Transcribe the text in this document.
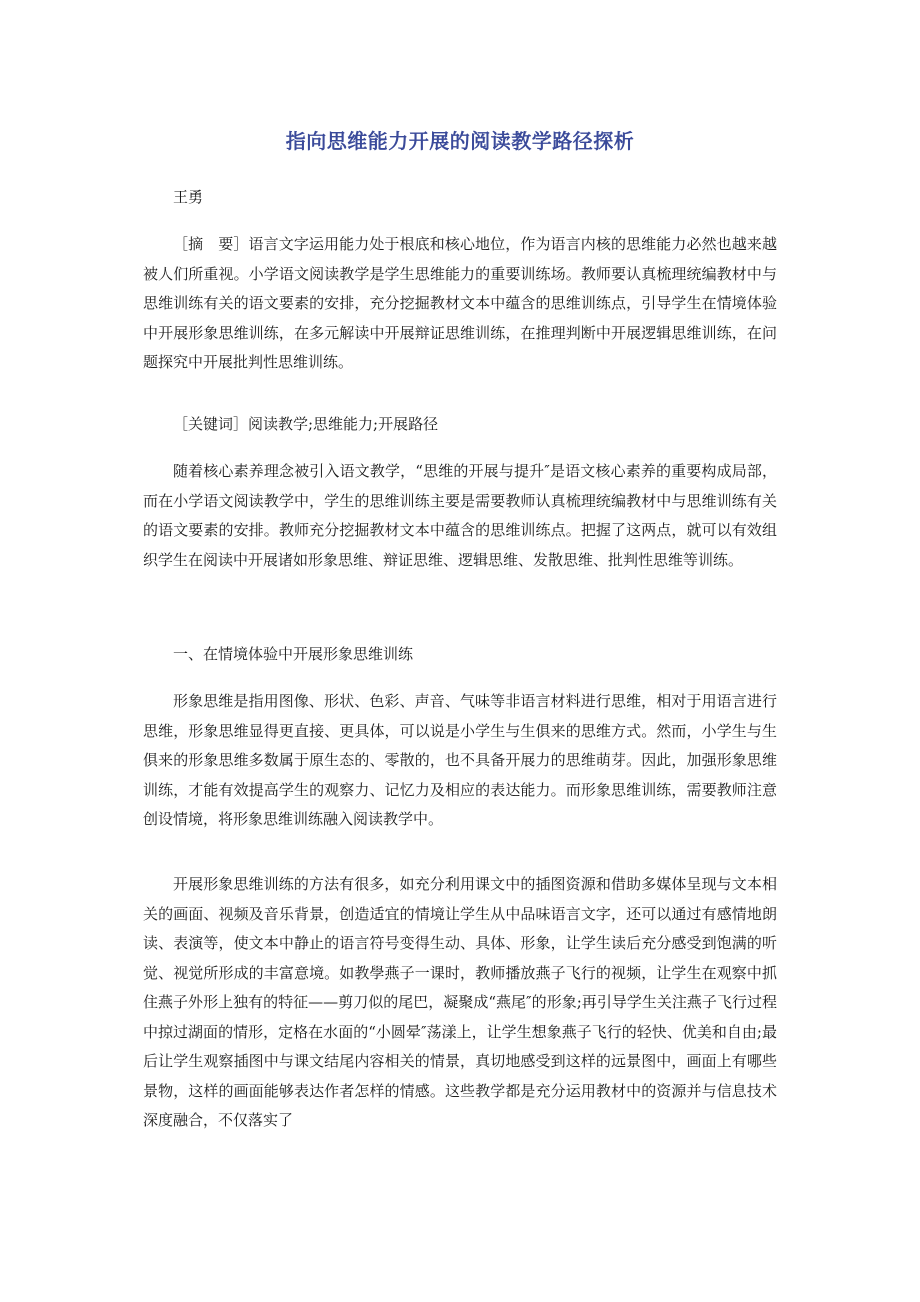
指向思维能力开展的阅读教学路径探析
王勇
［摘　要］语言文字运用能力处于根底和核心地位，作为语言内核的思维能力必然也越来越被人们所重视。小学语文阅读教学是学生思维能力的重要训练场。教师要认真梳理统编教材中与思维训练有关的语文要素的安排，充分挖掘教材文本中蕴含的思维训练点，引导学生在情境体验中开展形象思维训练，在多元解读中开展辩证思维训练，在推理判断中开展逻辑思维训练，在问题探究中开展批判性思维训练。
［关键词］阅读教学;思维能力;开展路径
随着核心素养理念被引入语文教学，“思维的开展与提升″是语文核心素养的重要构成局部，而在小学语文阅读教学中，学生的思维训练主要是需要教师认真梳理统编教材中与思维训练有关的语文要素的安排。教师充分挖掘教材文本中蕴含的思维训练点。把握了这两点，就可以有效组织学生在阅读中开展诸如形象思维、辩证思维、逻辑思维、发散思维、批判性思维等训练。
一、在情境体验中开展形象思维训练
形象思维是指用图像、形状、色彩、声音、气味等非语言材料进行思维，相对于用语言进行思维，形象思维显得更直接、更具体，可以说是小学生与生俱来的思维方式。然而，小学生与生俱来的形象思维多数属于原生态的、零散的，也不具备开展力的思维萌芽。因此，加强形象思维训练，才能有效提高学生的观察力、记忆力及相应的表达能力。而形象思维训练，需要教师注意创设情境，将形象思维训练融入阅读教学中。
开展形象思维训练的方法有很多，如充分利用课文中的插图资源和借助多媒体呈现与文本相关的画面、视频及音乐背景，创造适宜的情境让学生从中品味语言文字，还可以通过有感情地朗读、表演等，使文本中静止的语言符号变得生动、具体、形象，让学生读后充分感受到饱满的听觉、视觉所形成的丰富意境。如教學燕子一课时，教师播放燕子飞行的视频，让学生在观察中抓住燕子外形上独有的特征——剪刀似的尾巴，凝聚成“燕尾″的形象;再引导学生关注燕子飞行过程中掠过湖面的情形，定格在水面的“小圆晕″荡漾上，让学生想象燕子飞行的轻快、优美和自由;最后让学生观察插图中与课文结尾内容相关的情景，真切地感受到这样的远景图中，画面上有哪些景物，这样的画面能够表达作者怎样的情感。这些教学都是充分运用教材中的资源并与信息技术深度融合，不仅落实了
